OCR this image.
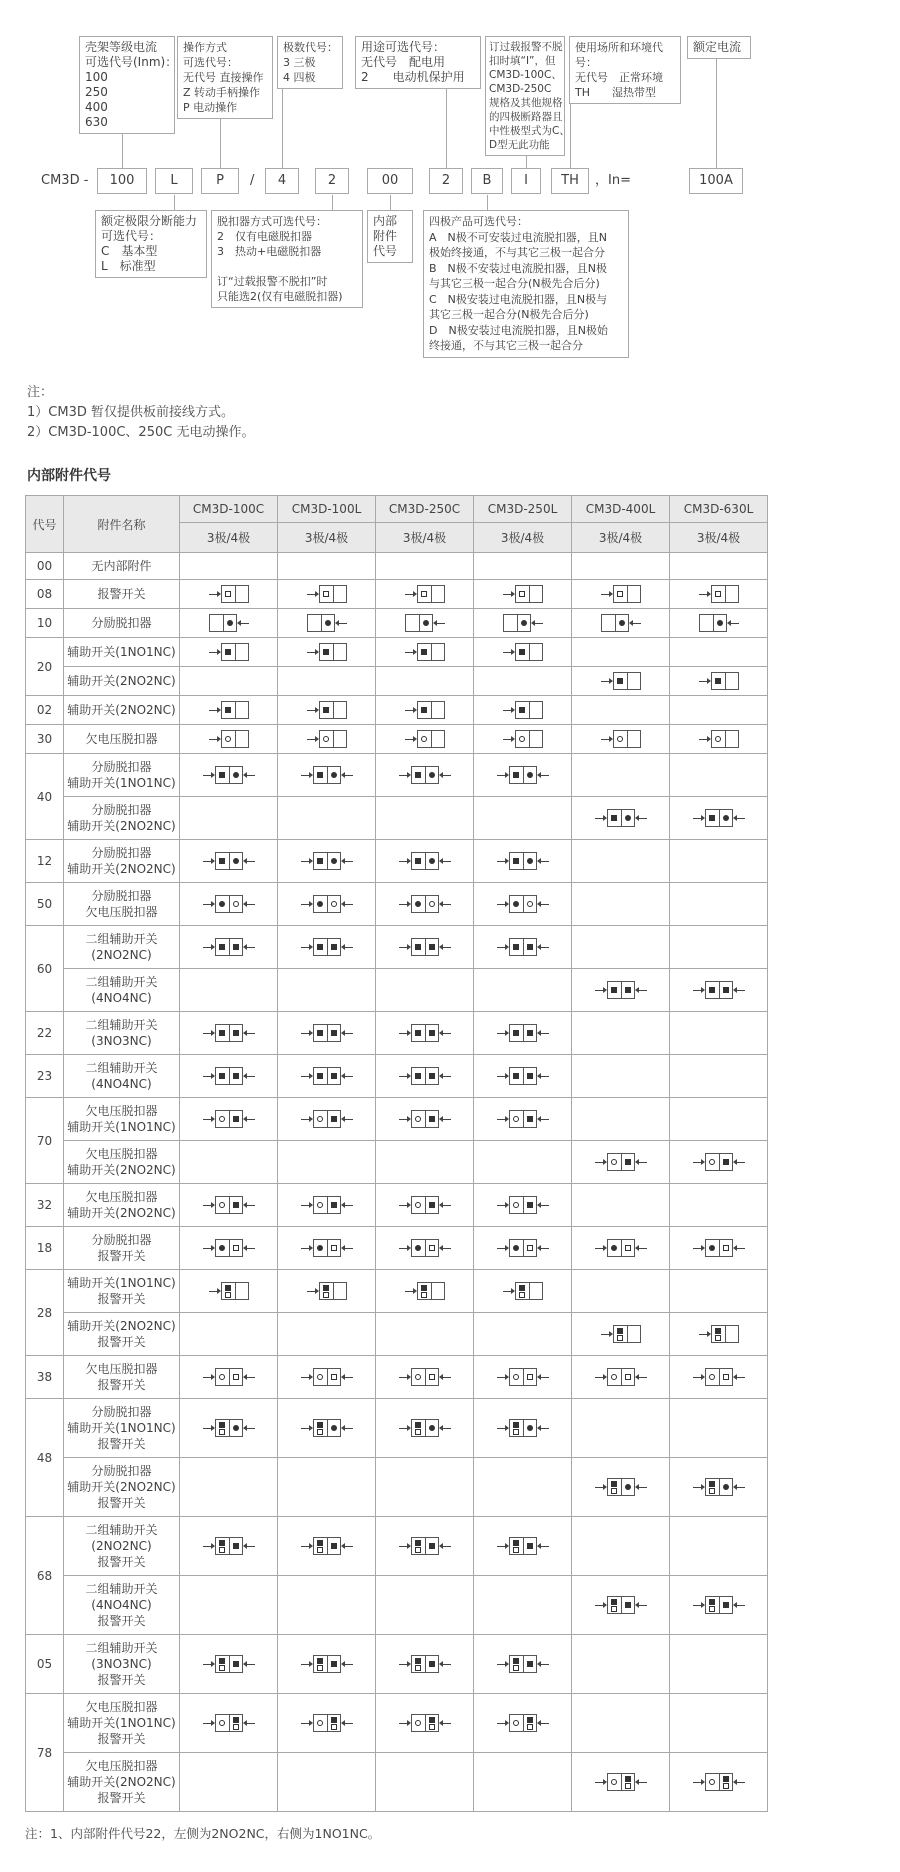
CM3D -	/	，In=
壳架等级电流
可选代号(Inm)：
100
250
400
630
操作方式
可选代号：
无代号 直接操作
Z 转动手柄操作
P 电动操作
极数代号：
3 三极
4 四极
用途可选代号：
无代号　配电用
2　　电动机保护用
订过载报警不脱
扣时填“I”，但
CM3D-100C、
CM3D-250C
规格及其他规格
的四极断路器且
中性极型式为C、
D型无此功能
使用场所和环境代
号：
无代号　正常环境
TH　　湿热带型
额定电流
额定极限分断能力
可选代号：
C　基本型
L　标准型
脱扣器方式可选代号：
2　仅有电磁脱扣器
3　热动+电磁脱扣器

订“过载报警不脱扣”时
只能选2(仅有电磁脱扣器)
内部
附件
代号
四极产品可选代号：
A　N极不可安装过电流脱扣器，且N
极始终接通，不与其它三极一起合分
B　N极不安装过电流脱扣器，且N极
与其它三极一起合分(N极先合后分)
C　N极安装过电流脱扣器，且N极与
其它三极一起合分(N极先合后分)
D　N极安装过电流脱扣器，且N极始
终接通，不与其它三极一起合分
100	L	P	4	2	00	2	B	I	TH	100A
注：
1）CM3D 暂仅提供板前接线方式。
2）CM3D-100C、250C 无电动操作。
内部附件代号
代号	附件名称	CM3D-100C	CM3D-100L	CM3D-250C	CM3D-250L	CM3D-400L	CM3D-630L
		3极/4极	3极/4极	3极/4极	3极/4极	3极/4极	3极/4极
00	无内部附件						

08	报警开关						

10	分励脱扣器						

20	辅助开关(1NO1NC)						

	辅助开关(2NO2NC)						

02	辅助开关(2NO2NC)						

30	欠电压脱扣器						

40	分励脱扣器
辅助开关(1NO1NC)						

	分励脱扣器
辅助开关(2NO2NC)						

12	分励脱扣器
辅助开关(2NO2NC)						

50	分励脱扣器
欠电压脱扣器						

60	二组辅助开关
(2NO2NC)						

	二组辅助开关
(4NO4NC)						

22	二组辅助开关
(3NO3NC)						

23	二组辅助开关
(4NO4NC)						

70	欠电压脱扣器
辅助开关(1NO1NC)						

	欠电压脱扣器
辅助开关(2NO2NC)						

32	欠电压脱扣器
辅助开关(2NO2NC)						

18	分励脱扣器
报警开关						

28	辅助开关(1NO1NC)
报警开关						

	辅助开关(2NO2NC)
报警开关						

38	欠电压脱扣器
报警开关						

48	分励脱扣器
辅助开关(1NO1NC)
报警开关						

	分励脱扣器
辅助开关(2NO2NC)
报警开关						

68	二组辅助开关
(2NO2NC)
报警开关						

	二组辅助开关
(4NO4NC)
报警开关						

05	二组辅助开关
(3NO3NC)
报警开关						

78	欠电压脱扣器
辅助开关(1NO1NC)
报警开关						

	欠电压脱扣器
辅助开关(2NO2NC)
报警开关						

注：1、内部附件代号22，左侧为2NO2NC，右侧为1NO1NC。
